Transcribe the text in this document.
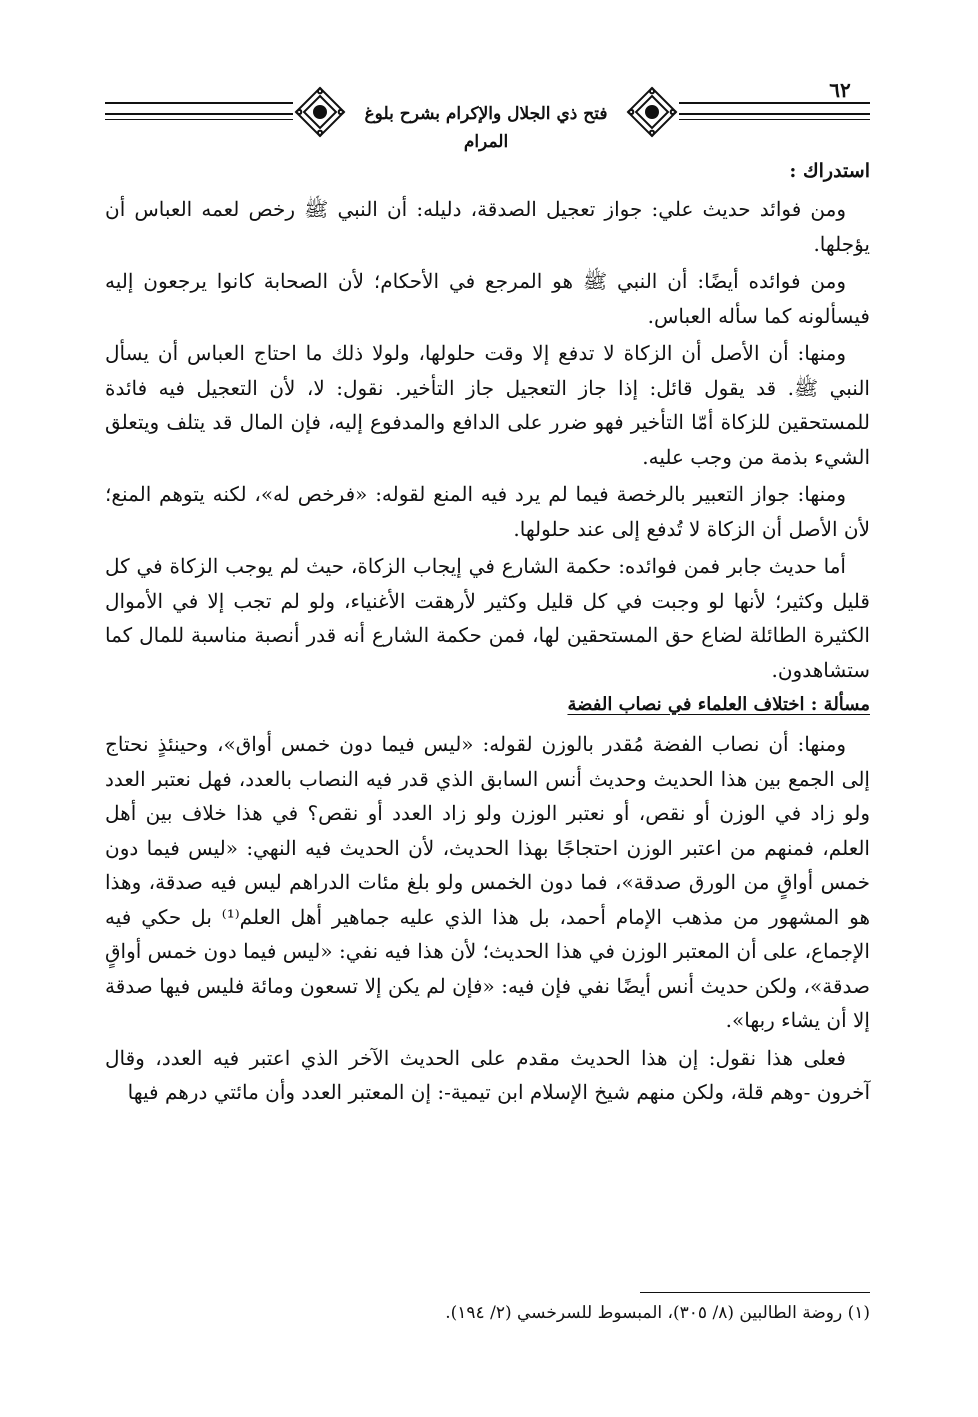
فتح ذي الجلال والإكرام بشرح بلوغ المرام
٦٢
استدراك :

ومن فوائد حديث علي: جواز تعجيل الصدقة، دليله: أن النبي ﷺ رخص لعمه العباس أن يؤجلها.

ومن فوائده أيضًا: أن النبي ﷺ هو المرجع في الأحكام؛ لأن الصحابة كانوا يرجعون إليه فيسألونه كما سأله العباس.

ومنها: أن الأصل أن الزكاة لا تدفع إلا وقت حلولها، ولولا ذلك ما احتاج العباس أن يسأل النبي ﷺ. قد يقول قائل: إذا جاز التعجيل جاز التأخير. نقول: لا، لأن التعجيل فيه فائدة للمستحقين للزكاة أمّا التأخير فهو ضرر على الدافع والمدفوع إليه، فإن المال قد يتلف ويتعلق الشيء بذمة من وجب عليه.

ومنها: جواز التعبير بالرخصة فيما لم يرد فيه المنع لقوله: «فرخص له»، لكنه يتوهم المنع؛ لأن الأصل أن الزكاة لا تُدفع إلى عند حلولها.

أما حديث جابر فمن فوائده: حكمة الشارع في إيجاب الزكاة، حيث لم يوجب الزكاة في كل قليل وكثير؛ لأنها لو وجبت في كل قليل وكثير لأرهقت الأغنياء، ولو لم تجب إلا في الأموال الكثيرة الطائلة لضاع حق المستحقين لها، فمن حكمة الشارع أنه قدر أنصبة مناسبة للمال كما ستشاهدون.

مسألة : اختلاف العلماء في نصاب الفضة

ومنها: أن نصاب الفضة مُقدر بالوزن لقوله: «ليس فيما دون خمس أواق»، وحينئذٍ نحتاج إلى الجمع بين هذا الحديث وحديث أنس السابق الذي قدر فيه النصاب بالعدد، فهل نعتبر العدد ولو زاد في الوزن أو نقص، أو نعتبر الوزن ولو زاد العدد أو نقص؟ في هذا خلاف بين أهل العلم، فمنهم من اعتبر الوزن احتجاجًا بهذا الحديث، لأن الحديث فيه النهي: «ليس فيما دون خمس أواقٍ من الورق صدقة»، فما دون الخمس ولو بلغ مئات الدراهم ليس فيه صدقة، وهذا هو المشهور من مذهب الإمام أحمد، بل هذا الذي عليه جماهير أهل العلم⁽¹⁾ بل حكي فيه الإجماع، على أن المعتبر الوزن في هذا الحديث؛ لأن هذا فيه نفي: «ليس فيما دون خمس أواقٍ صدقة»، ولكن حديث أنس أيضًا نفي فإن فيه: «فإن لم يكن إلا تسعون ومائة فليس فيها صدقة إلا أن يشاء ربها».

فعلى هذا نقول: إن هذا الحديث مقدم على الحديث الآخر الذي اعتبر فيه العدد، وقال آخرون -وهم قلة، ولكن منهم شيخ الإسلام ابن تيمية-: إن المعتبر العدد وأن مائتي درهم فيها

(١) روضة الطالبين (٨/ ٣٠٥)، المبسوط للسرخسي (٢/ ١٩٤).
